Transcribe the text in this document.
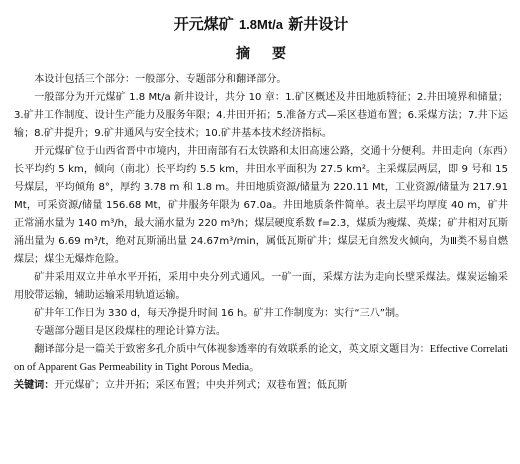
开元煤矿 1.8Mt/a 新井设计
摘要

本设计包括三个部分：一般部分、专题部分和翻译部分。

一般部分为开元煤矿 1.8 Mt/a 新井设计，共分 10 章：1.矿区概述及井田地质特征；2.井田境界和储量；3.矿井工作制度、设计生产能力及服务年限；4.井田开拓；5.准备方式—采区巷道布置；6.采煤方法；7.井下运输；8.矿井提升；9.矿井通风与安全技术；10.矿井基本技术经济指标。

开元煤矿位于山西省晋中市境内，井田南部有石太铁路和太旧高速公路，交通十分便利。井田走向（东西）长平均约 5 km，倾向（南北）长平均约 5.5 km，井田水平面积为 27.5 km²。主采煤层两层，即 9 号和 15 号煤层，平均倾角 8°，厚约 3.78 m 和 1.8 m。井田地质资源/储量为 220.11 Mt，工业资源/储量为 217.91 Mt，可采资源/储量 156.68 Mt，矿井服务年限为 67.0a。井田地质条件简单。表土层平均厚度 40 m，矿井正常涌水量为 140 m³/h，最大涌水量为 220 m³/h；煤层硬度系数 f=2.3，煤质为瘦煤、英煤；矿井相对瓦斯涌出量为 6.69 m³/t，绝对瓦斯涌出量 24.67m³/min，属低瓦斯矿井；煤层无自然发火倾向，为Ⅲ类不易自燃煤层；煤尘无爆炸危险。

矿井采用双立井单水平开拓，采用中央分列式通风。一矿一面，采煤方法为走向长壁采煤法。煤炭运输采用胶带运输，辅助运输采用轨道运输。

矿井年工作日为 330 d，每天净提升时间 16 h。矿井工作制度为：实行“三八”制。

专题部分题目是区段煤柱的理论计算方法。

翻译部分是一篇关于致密多孔介质中气体视参透率的有效联系的论文，英文原文题目为：Effective Correlation of Apparent Gas Permeability in Tight Porous Media。

关键词：开元煤矿；立井开拓；采区布置；中央并列式；双巷布置；低瓦斯
